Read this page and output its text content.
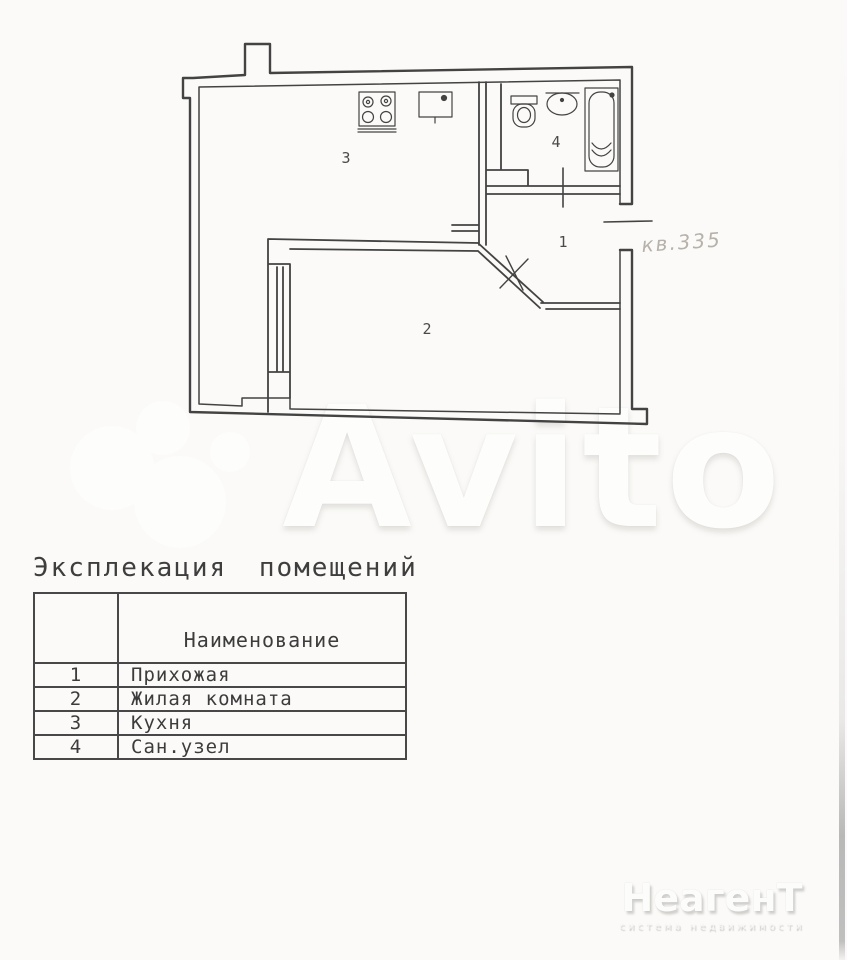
Avito
3
4
1
2
кв.335
Эксплекация помещений
	Наименование
1	Прихожая
2	Жилая комната
3	Кухня
4	Сан.узел
НеагенТ
система недвижимости
